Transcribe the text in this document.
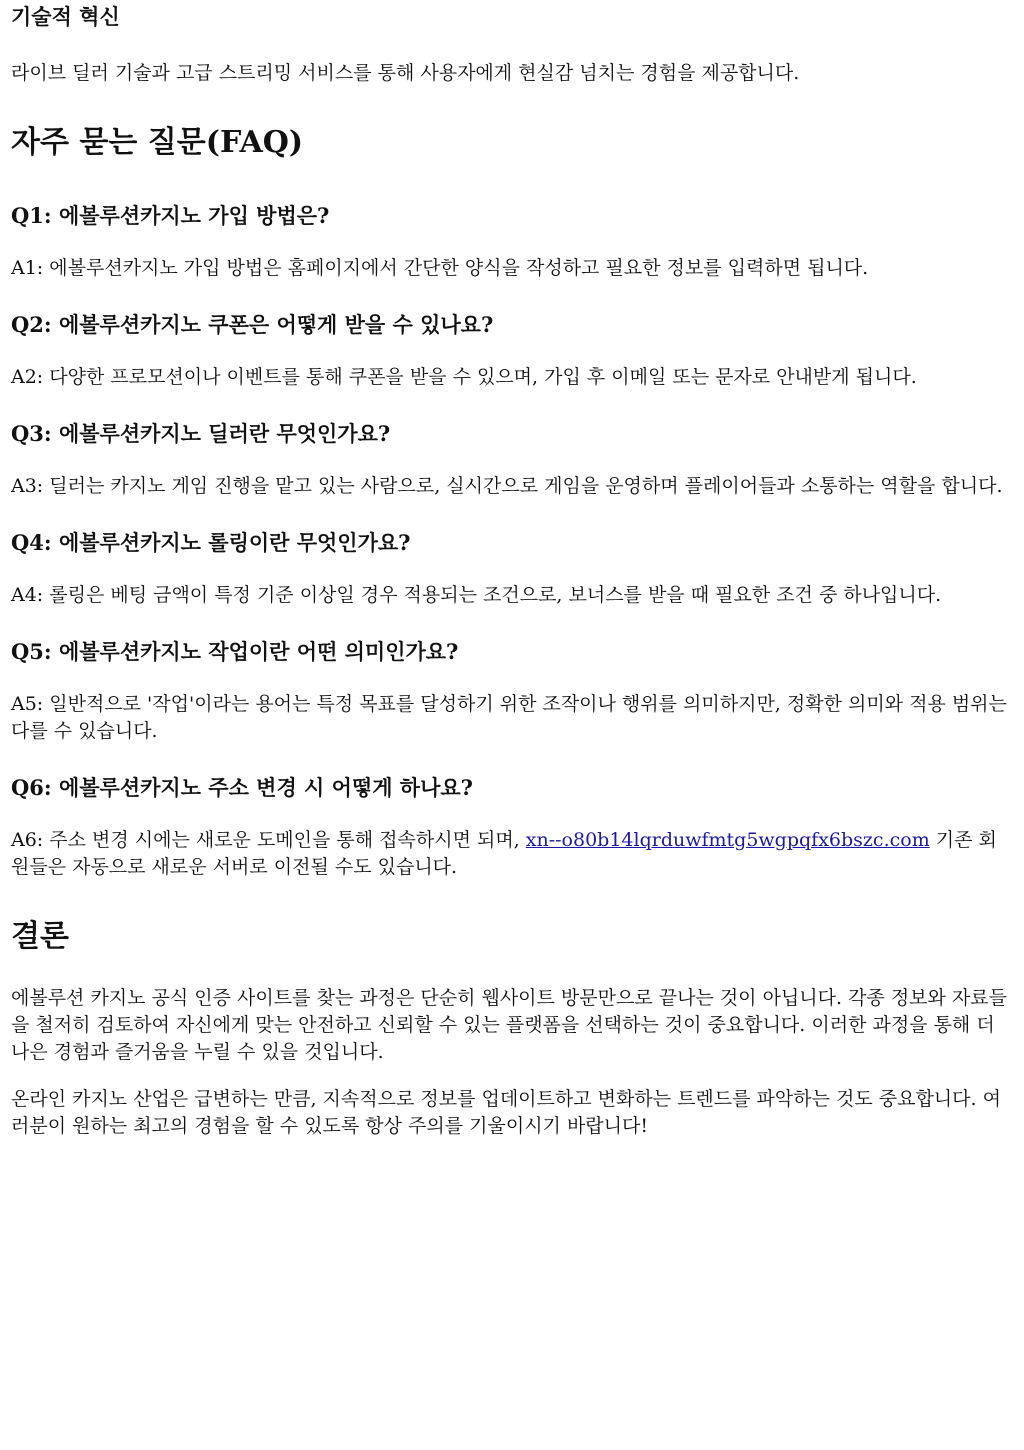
기술적 혁신

라이브 딜러 기술과 고급 스트리밍 서비스를 통해 사용자에게 현실감 넘치는 경험을 제공합니다.

자주 묻는 질문(FAQ)
Q1: 에볼루션카지노 가입 방법은?

A1: 에볼루션카지노 가입 방법은 홈페이지에서 간단한 양식을 작성하고 필요한 정보를 입력하면 됩니다.

Q2: 에볼루션카지노 쿠폰은 어떻게 받을 수 있나요?

A2: 다양한 프로모션이나 이벤트를 통해 쿠폰을 받을 수 있으며, 가입 후 이메일 또는 문자로 안내받게 됩니다.

Q3: 에볼루션카지노 딜러란 무엇인가요?

A3: 딜러는 카지노 게임 진행을 맡고 있는 사람으로, 실시간으로 게임을 운영하며 플레이어들과 소통하는 역할을 합니다.

Q4: 에볼루션카지노 롤링이란 무엇인가요?

A4: 롤링은 베팅 금액이 특정 기준 이상일 경우 적용되는 조건으로, 보너스를 받을 때 필요한 조건 중 하나입니다.

Q5: 에볼루션카지노 작업이란 어떤 의미인가요?

A5: 일반적으로 '작업'이라는 용어는 특정 목표를 달성하기 위한 조작이나 행위를 의미하지만, 정확한 의미와 적용 범위는 다를 수 있습니다.

Q6: 에볼루션카지노 주소 변경 시 어떻게 하나요?

A6: 주소 변경 시에는 새로운 도메인을 통해 접속하시면 되며, xn--o80b14lqrduwfmtg5wgpqfx6bszc.com 기존 회원들은 자동으로 새로운 서버로 이전될 수도 있습니다.

결론

에볼루션 카지노 공식 인증 사이트를 찾는 과정은 단순히 웹사이트 방문만으로 끝나는 것이 아닙니다. 각종 정보와 자료들을 철저히 검토하여 자신에게 맞는 안전하고 신뢰할 수 있는 플랫폼을 선택하는 것이 중요합니다. 이러한 과정을 통해 더 나은 경험과 즐거움을 누릴 수 있을 것입니다.

온라인 카지노 산업은 급변하는 만큼, 지속적으로 정보를 업데이트하고 변화하는 트렌드를 파악하는 것도 중요합니다. 여러분이 원하는 최고의 경험을 할 수 있도록 항상 주의를 기울이시기 바랍니다!
